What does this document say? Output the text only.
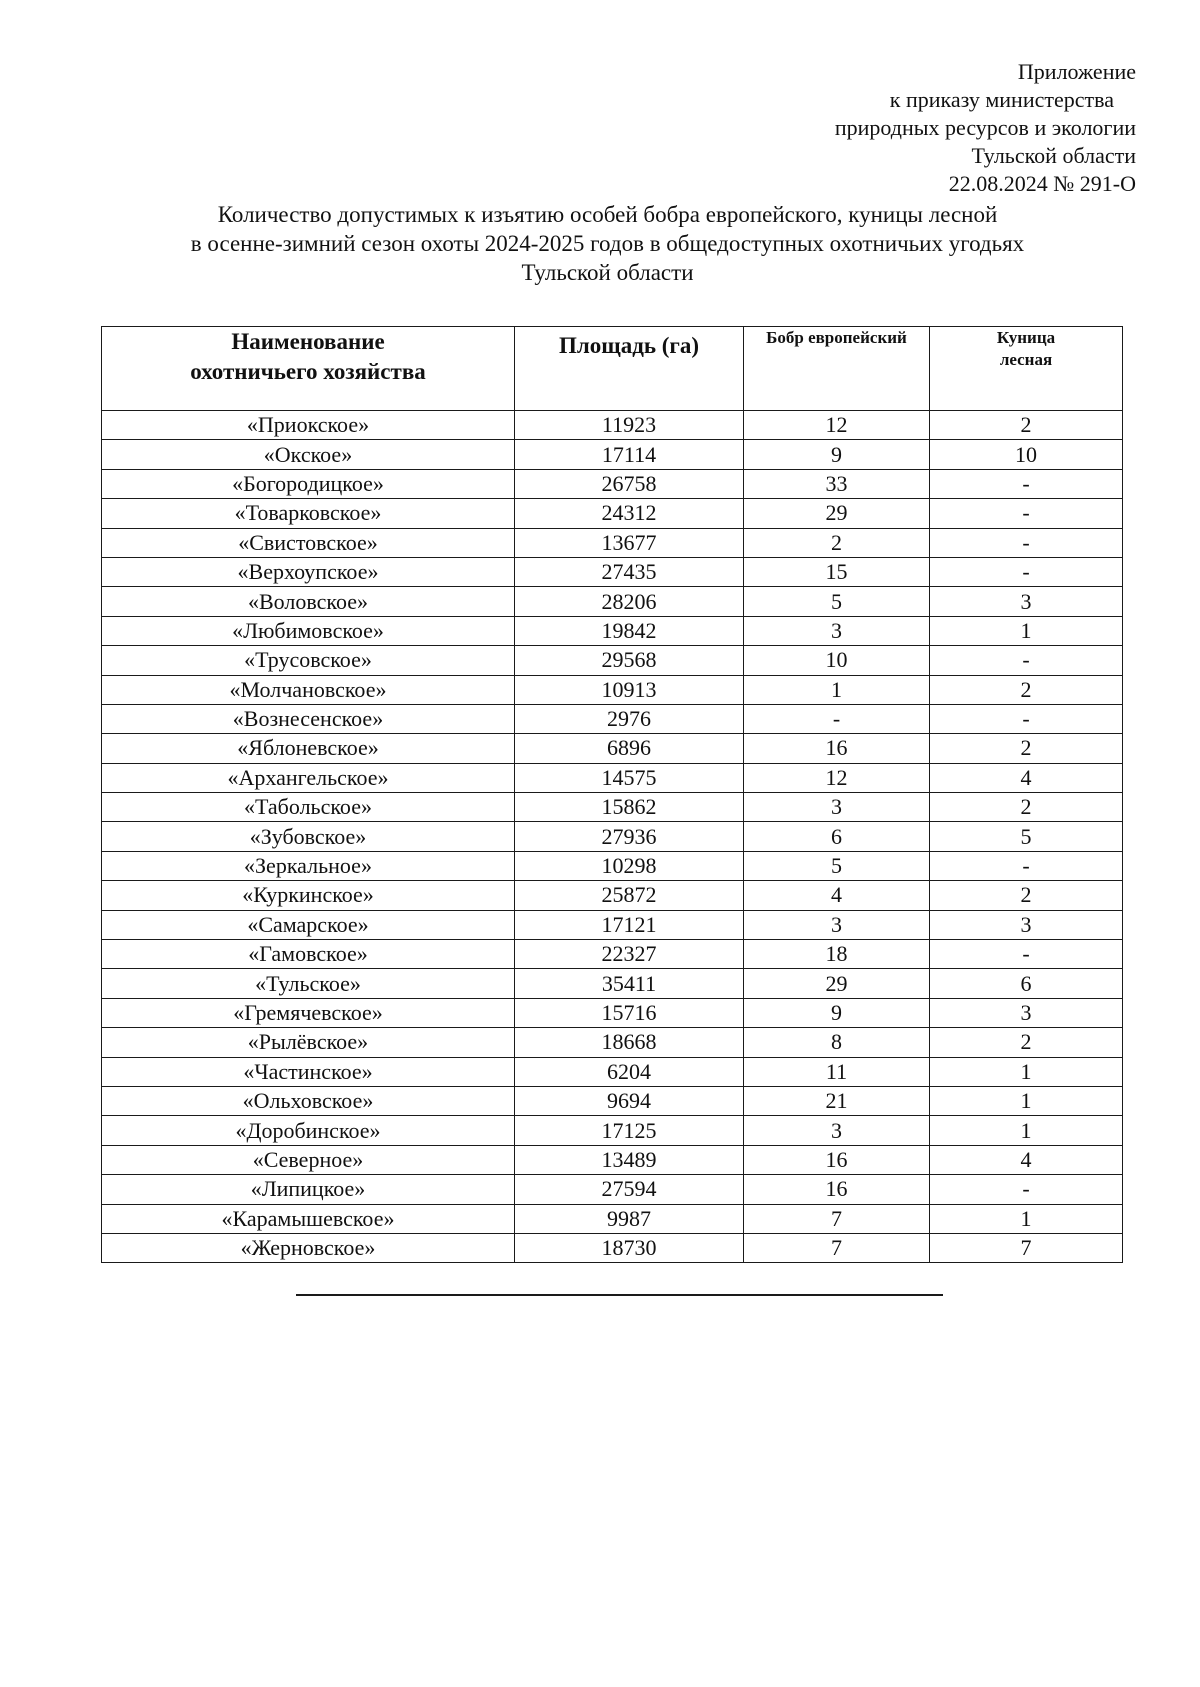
Приложение
к приказу министерства
природных ресурсов и экологии
Тульской области
22.08.2024 № 291-О
Количество допустимых к изъятию особей бобра европейского, куницы лесной
в осенне-зимний сезон охоты 2024-2025 годов в общедоступных охотничьих угодьях
Тульской области
Наименование охотничьего хозяйства	Площадь (га)	Бобр европейский	Куница лесная
«Приокское»	11923	12	2
«Окское»	17114	9	10
«Богородицкое»	26758	33	-
«Товарковское»	24312	29	-
«Свистовское»	13677	2	-
«Верхоупское»	27435	15	-
«Воловское»	28206	5	3
«Любимовское»	19842	3	1
«Трусовское»	29568	10	-
«Молчановское»	10913	1	2
«Вознесенское»	2976	-	-
«Яблоневское»	6896	16	2
«Архангельское»	14575	12	4
«Табольское»	15862	3	2
«Зубовское»	27936	6	5
«Зеркальное»	10298	5	-
«Куркинское»	25872	4	2
«Самарское»	17121	3	3
«Гамовское»	22327	18	-
«Тульское»	35411	29	6
«Гремячевское»	15716	9	3
«Рылёвское»	18668	8	2
«Частинское»	6204	11	1
«Ольховское»	9694	21	1
«Доробинское»	17125	3	1
«Северное»	13489	16	4
«Липицкое»	27594	16	-
«Карамышевское»	9987	7	1
«Жерновское»	18730	7	7
